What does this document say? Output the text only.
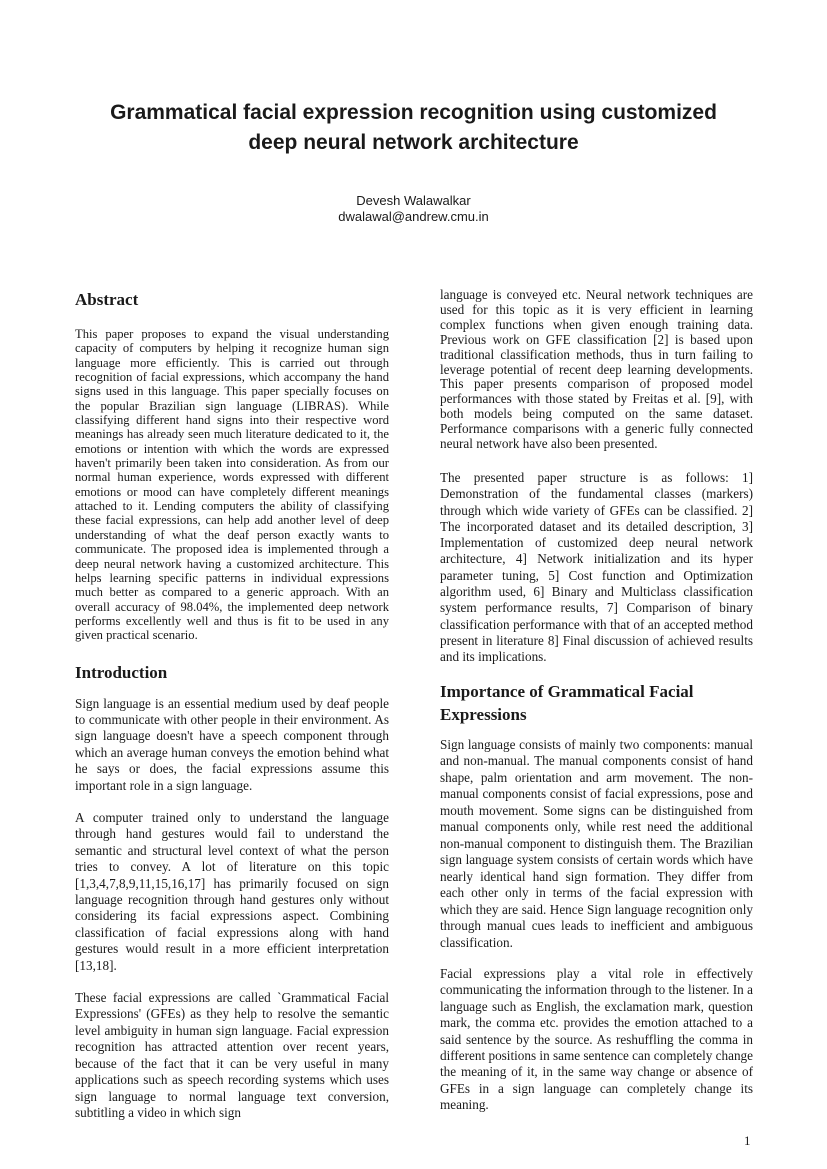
Grammatical facial expression recognition using customized
deep neural network architecture
Devesh Walawalkar
dwalawal@andrew.cmu.in
Abstract

This paper proposes to expand the visual understanding capacity of computers by helping it recognize human sign language more efficiently. This is carried out through recognition of facial expressions, which accompany the hand signs used in this language. This paper specially focuses on the popular Brazilian sign language (LIBRAS). While classifying different hand signs into their respective word meanings has already seen much literature dedicated to it, the emotions or intention with which the words are expressed haven't primarily been taken into consideration. As from our normal human experience, words expressed with different emotions or mood can have completely different meanings attached to it. Lending computers the ability of classifying these facial expressions, can help add another level of deep understanding of what the deaf person exactly wants to communicate. The proposed idea is implemented through a deep neural network having a customized architecture. This helps learning specific patterns in individual expressions much better as compared to a generic approach. With an overall accuracy of 98.04%, the implemented deep network performs excellently well and thus is fit to be used in any given practical scenario.

Introduction

Sign language is an essential medium used by deaf people to communicate with other people in their environment. As sign language doesn't have a speech component through which an average human conveys the emotion behind what he says or does, the facial expressions assume this important role in a sign language.

A computer trained only to understand the language through hand gestures would fail to understand the semantic and structural level context of what the person tries to convey. A lot of literature on this topic [1,3,4,7,8,9,11,15,16,17] has primarily focused on sign language recognition through hand gestures only without considering its facial expressions aspect. Combining classification of facial expressions along with hand gestures would result in a more efficient interpretation [13,18].

These facial expressions are called `Grammatical Facial Expressions' (GFEs) as they help to resolve the semantic level ambiguity in human sign language. Facial expression recognition has attracted attention over recent years, because of the fact that it can be very useful in many applications such as speech recording systems which uses sign language to normal language text conversion, subtitling a video in which sign

language is conveyed etc. Neural network techniques are used for this topic as it is very efficient in learning complex functions when given enough training data. Previous work on GFE classification [2] is based upon traditional classification methods, thus in turn failing to leverage potential of recent deep learning developments. This paper presents comparison of proposed model performances with those stated by Freitas et al. [9], with both models being computed on the same dataset. Performance comparisons with a generic fully connected neural network have also been presented.

The presented paper structure is as follows: 1] Demonstration of the fundamental classes (markers) through which wide variety of GFEs can be classified. 2] The incorporated dataset and its detailed description, 3] Implementation of customized deep neural network architecture, 4] Network initialization and its hyper parameter tuning, 5] Cost function and Optimization algorithm used, 6] Binary and Multiclass classification system performance results, 7] Comparison of binary classification performance with that of an accepted method present in literature 8] Final discussion of achieved results and its implications.

Importance of Grammatical Facial
Expressions

Sign language consists of mainly two components: manual and non-manual. The manual components consist of hand shape, palm orientation and arm movement. The non-manual components consist of facial expressions, pose and mouth movement. Some signs can be distinguished from manual components only, while rest need the additional non-manual component to distinguish them. The Brazilian sign language system consists of certain words which have nearly identical hand sign formation. They differ from each other only in terms of the facial expression with which they are said. Hence Sign language recognition only through manual cues leads to inefficient and ambiguous classification.

Facial expressions play a vital role in effectively communicating the information through to the listener. In a language such as English, the exclamation mark, question mark, the comma etc. provides the emotion attached to a said sentence by the source. As reshuffling the comma in different positions in same sentence can completely change the meaning of it, in the same way change or absence of GFEs in a sign language can completely change its meaning.

1
